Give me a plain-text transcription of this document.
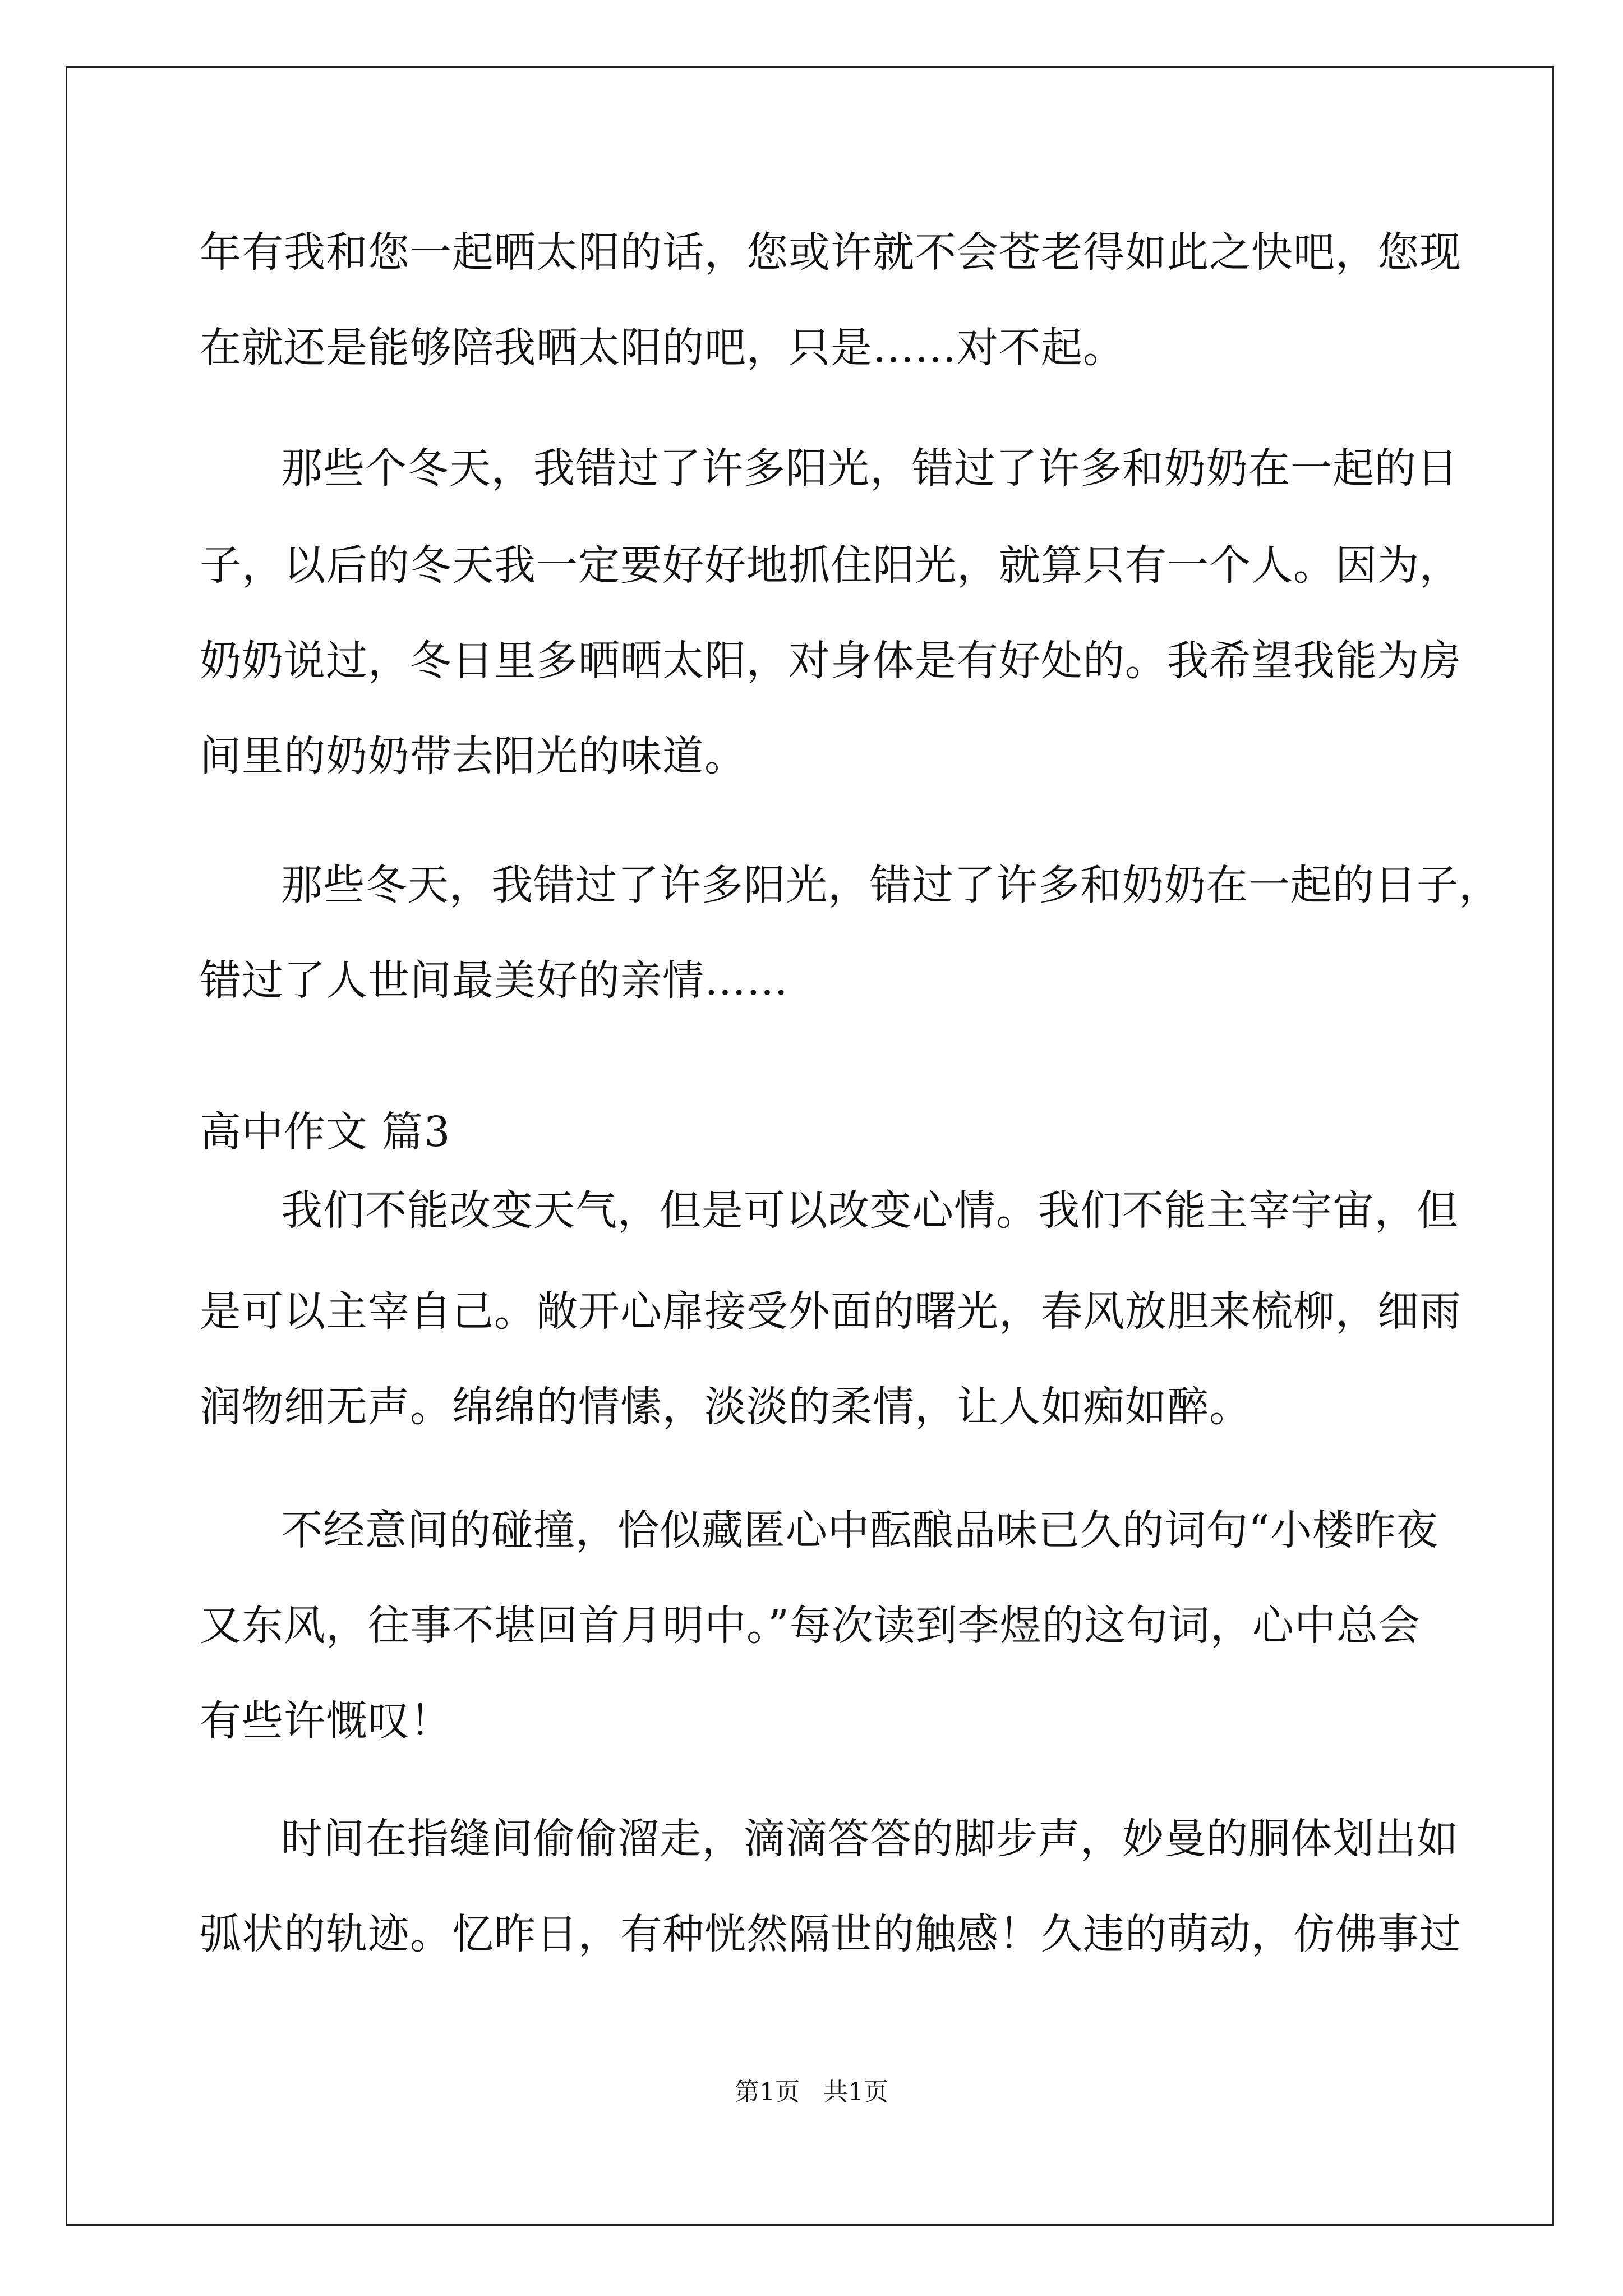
年有我和您一起晒太阳的话，您或许就不会苍老得如此之快吧，您现
在就还是能够陪我晒太阳的吧，只是……对不起。
那些个冬天，我错过了许多阳光，错过了许多和奶奶在一起的日
子，以后的冬天我一定要好好地抓住阳光，就算只有一个人。因为，
奶奶说过，冬日里多晒晒太阳，对身体是有好处的。我希望我能为房
间里的奶奶带去阳光的味道。
那些冬天，我错过了许多阳光，错过了许多和奶奶在一起的日子，
错过了人世间最美好的亲情……
高中作文 篇3
我们不能改变天气，但是可以改变心情。我们不能主宰宇宙，但
是可以主宰自己。敞开心扉接受外面的曙光，春风放胆来梳柳，细雨
润物细无声。绵绵的情愫，淡淡的柔情，让人如痴如醉。
不经意间的碰撞，恰似藏匿心中酝酿品味已久的词句“小楼昨夜
又东风，往事不堪回首月明中。”每次读到李煜的这句词，心中总会
有些许慨叹！
时间在指缝间偷偷溜走，滴滴答答的脚步声，妙曼的胴体划出如
弧状的轨迹。忆昨日，有种恍然隔世的触感！久违的萌动，仿佛事过
第1页   共1页
